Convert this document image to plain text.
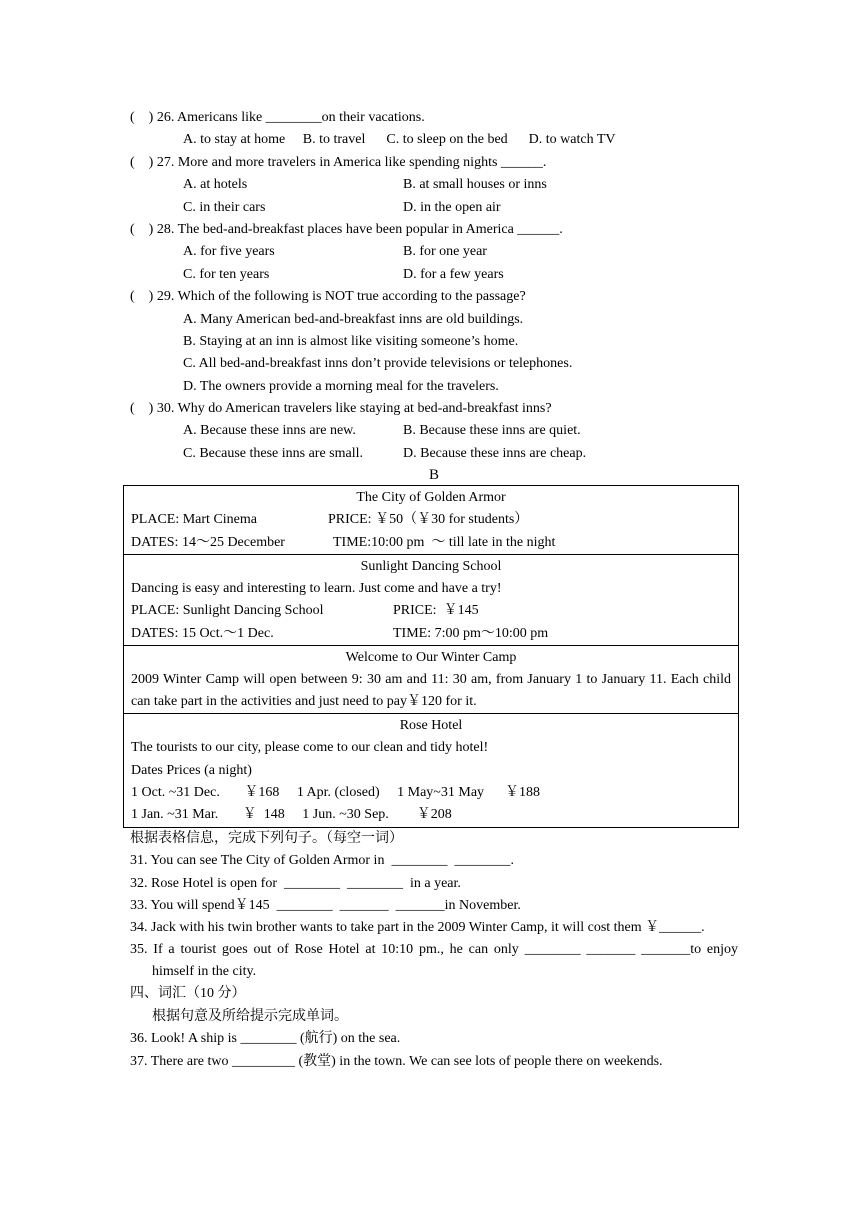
(    ) 26. Americans like ________on their vacations.
A. to stay at home     B. to travel      C. to sleep on the bed      D. to watch TV
(    ) 27. More and more travelers in America like spending nights ______.
A. at hotels	B. at small houses or inns
C. in their cars	D. in the open air
(    ) 28. The bed-and-breakfast places have been popular in America ______.
A. for five years	B. for one year
C. for ten years	D. for a few years
(    ) 29. Which of the following is NOT true according to the passage?
A. Many American bed-and-breakfast inns are old buildings.
B. Staying at an inn is almost like visiting someone’s home.
C. All bed-and-breakfast inns don’t provide televisions or telephones.
D. The owners provide a morning meal for the travelers.
(    ) 30. Why do American travelers like staying at bed-and-breakfast inns?
A. Because these inns are new.	B. Because these inns are quiet.
C. Because these inns are small.	D. Because these inns are cheap.
B
The City of Golden Armor
PLACE: Mart Cinema	PRICE: ￥50（￥30 for students）
DATES: 14～25 December	TIME:10:00 pm  ～ till late in the night

Sunlight Dancing School
Dancing is easy and interesting to learn. Just come and have a try!
PLACE: Sunlight Dancing School	PRICE:  ￥145
DATES: 15 Oct.～1 Dec.	TIME: 7:00 pm～10:00 pm

Welcome to Our Winter Camp
2009 Winter Camp will open between 9: 30 am and 11: 30 am, from January 1 to January 11. Each child can take part in the activities and just need to pay￥120 for it.

Rose Hotel
The tourists to our city, please come to our clean and tidy hotel!
Dates Prices (a night)
1 Oct. ~31 Dec.       ￥168     1 Apr. (closed)     1 May~31 May      ￥188
1 Jan. ~31 Mar.       ￥  148     1 Jun. ~30 Sep.        ￥208
根据表格信息，完成下列句子。（每空一词）
31. You can see The City of Golden Armor in  ________  ________.
32. Rose Hotel is open for  ________  ________  in a year.
33. You will spend￥145  ________  _______  _______in November.
34. Jack with his twin brother wants to take part in the 2009 Winter Camp, it will cost them ￥______.
35. If a tourist goes out of Rose Hotel at 10:10 pm., he can only ________ _______ _______to enjoy himself in the city.
四、词汇（10 分）
根据句意及所给提示完成单词。
36. Look! A ship is ________ (航行) on the sea.
37. There are two _________ (教堂) in the town. We can see lots of people there on weekends.
